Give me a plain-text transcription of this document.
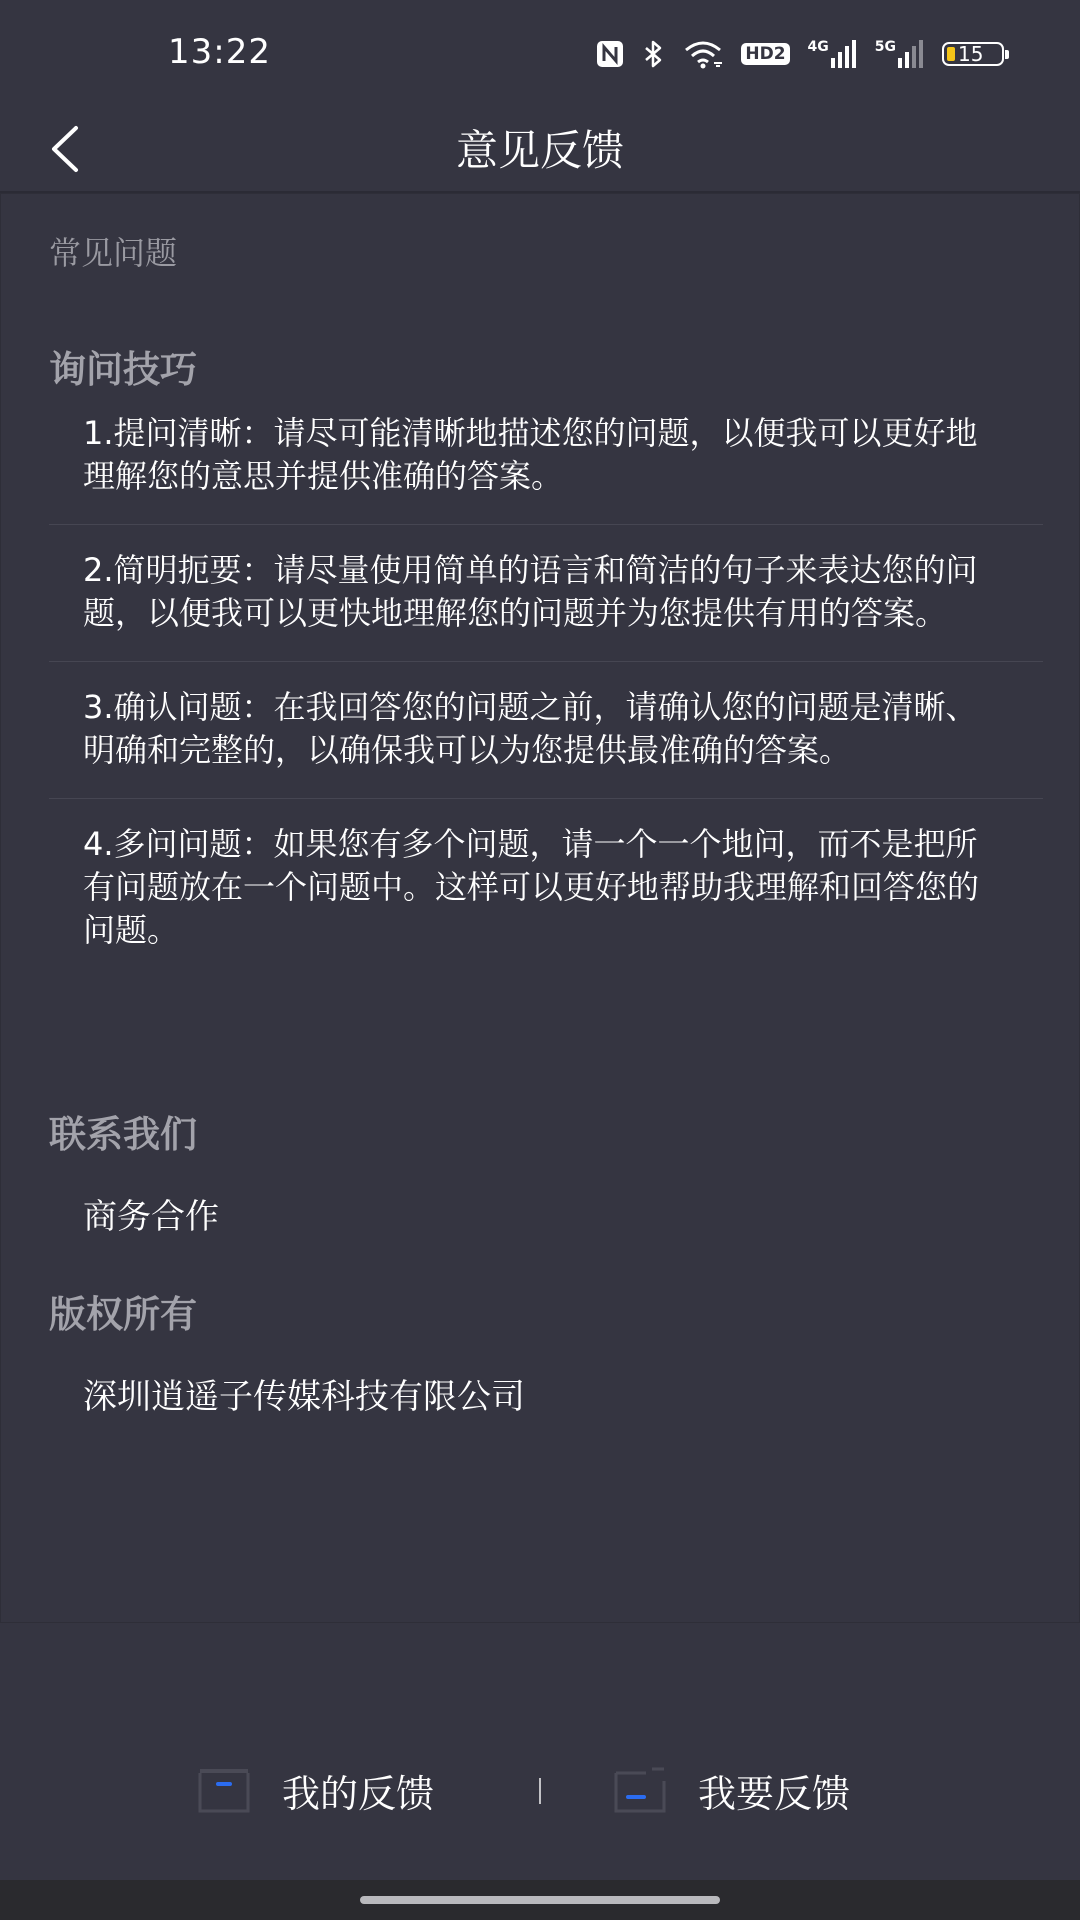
13:22	HD2 4G	5G	15
意见反馈
常见问题
询问技巧
1.提问清晰：请尽可能清晰地描述您的问题，以便我可以更好地理解您的意思并提供准确的答案。
2.简明扼要：请尽量使用简单的语言和简洁的句子来表达您的问题，以便我可以更快地理解您的问题并为您提供有用的答案。
3.确认问题：在我回答您的问题之前，请确认您的问题是清晰、明确和完整的，以确保我可以为您提供最准确的答案。
4.多问问题：如果您有多个问题，请一个一个地问，而不是把所有问题放在一个问题中。这样可以更好地帮助我理解和回答您的问题。
联系我们
商务合作
版权所有
深圳逍遥子传媒科技有限公司
我的反馈	我要反馈
